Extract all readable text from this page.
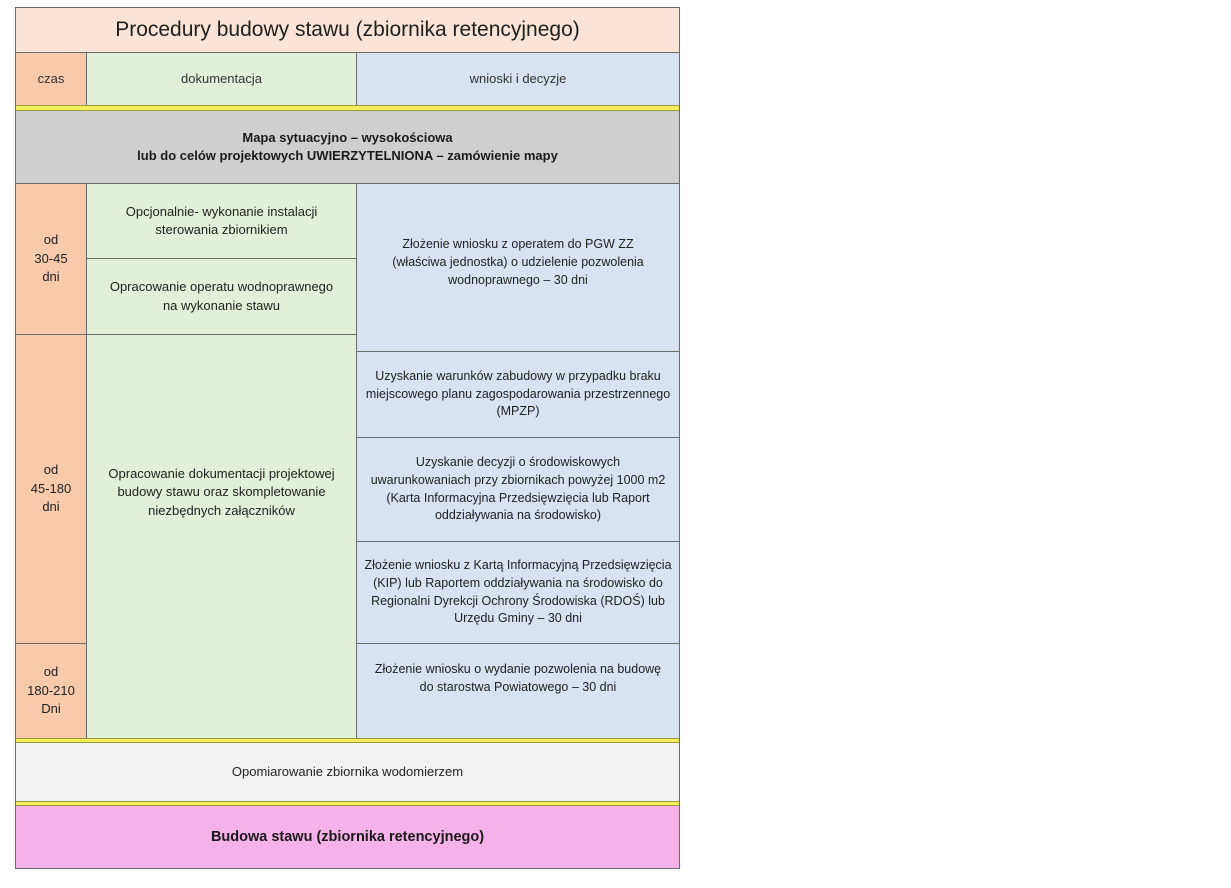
Procedury budowy stawu (zbiornika retencyjnego)
czas	dokumentacja	wnioski i decyzje
Mapa sytuacyjno – wysokościowa
lub do celów projektowych UWIERZYTELNIONA – zamówienie mapy
od
30-45
dni
od
45-180
dni
od
180-210
Dni
Opcjonalnie- wykonanie instalacji
sterowania zbiornikiem
Opracowanie operatu wodnoprawnego
na wykonanie stawu
Opracowanie dokumentacji projektowej
budowy stawu oraz skompletowanie
niezbędnych załączników
Złożenie wniosku z operatem do PGW ZZ
(właściwa jednostka) o udzielenie pozwolenia
wodnoprawnego – 30 dni
Uzyskanie warunków zabudowy w przypadku braku
miejscowego planu zagospodarowania przestrzennego
(MPZP)
Uzyskanie decyzji o środowiskowych
uwarunkowaniach przy zbiornikach powyżej 1000 m2
(Karta Informacyjna Przedsięwzięcia lub Raport
oddziaływania na środowisko)
Złożenie wniosku z Kartą Informacyjną Przedsięwzięcia
(KIP) lub Raportem oddziaływania na środowisko do
Regionalni Dyrekcji Ochrony Środowiska (RDOŚ) lub
Urzędu Gminy – 30 dni
Złożenie wniosku o wydanie pozwolenia na budowę
do starostwa Powiatowego – 30 dni
Opomiarowanie zbiornika wodomierzem
Budowa stawu (zbiornika retencyjnego)
